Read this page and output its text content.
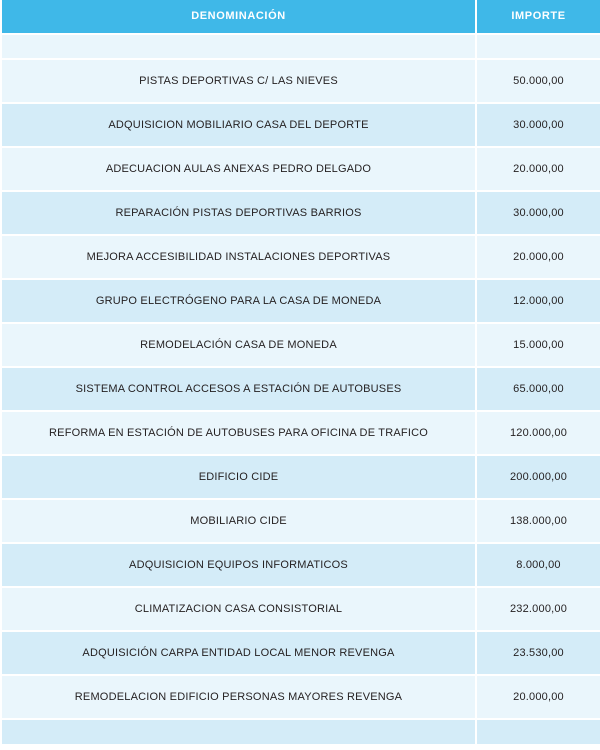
DENOMINACIÓN	IMPORTE

PISTAS DEPORTIVAS C/ LAS NIEVES	50.000,00
ADQUISICION MOBILIARIO CASA DEL DEPORTE	30.000,00
ADECUACION AULAS ANEXAS PEDRO DELGADO	20.000,00
REPARACIÓN PISTAS DEPORTIVAS BARRIOS	30.000,00
MEJORA ACCESIBILIDAD INSTALACIONES DEPORTIVAS	20.000,00
GRUPO ELECTRÓGENO PARA LA CASA DE MONEDA	12.000,00
REMODELACIÓN CASA DE MONEDA	15.000,00
SISTEMA CONTROL ACCESOS A ESTACIÓN DE AUTOBUSES	65.000,00
REFORMA EN ESTACIÓN DE AUTOBUSES PARA OFICINA DE TRAFICO	120.000,00
EDIFICIO CIDE	200.000,00
MOBILIARIO CIDE	138.000,00
ADQUISICION EQUIPOS INFORMATICOS	8.000,00
CLIMATIZACION CASA CONSISTORIAL	232.000,00
ADQUISICIÓN CARPA ENTIDAD LOCAL MENOR REVENGA	23.530,00
REMODELACION EDIFICIO PERSONAS MAYORES REVENGA	20.000,00
